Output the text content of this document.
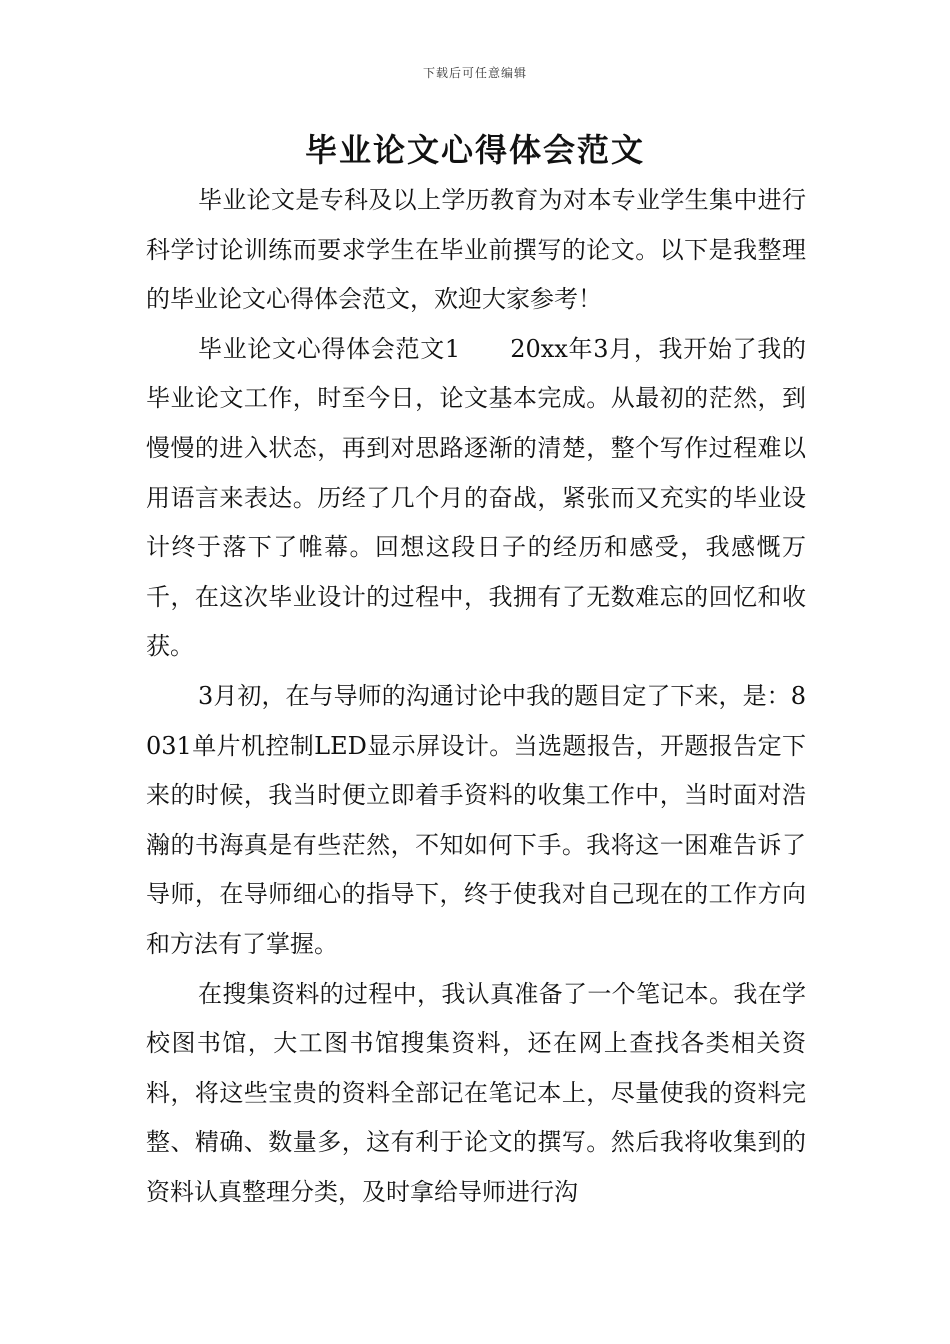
下载后可任意编辑
毕业论文心得体会范文

毕业论文是专科及以上学历教育为对本专业学生集中进行科学讨论训练而要求学生在毕业前撰写的论文。以下是我整理的毕业论文心得体会范文，欢迎大家参考！

毕业论文心得体会范文1　　20xx年3月，我开始了我的毕业论文工作，时至今日，论文基本完成。从最初的茫然，到慢慢的进入状态，再到对思路逐渐的清楚，整个写作过程难以用语言来表达。历经了几个月的奋战，紧张而又充实的毕业设计终于落下了帷幕。回想这段日子的经历和感受，我感慨万千，在这次毕业设计的过程中，我拥有了无数难忘的回忆和收获。

3月初，在与导师的沟通讨论中我的题目定了下来，是：8031单片机控制LED显示屏设计。当选题报告，开题报告定下来的时候，我当时便立即着手资料的收集工作中，当时面对浩瀚的书海真是有些茫然，不知如何下手。我将这一困难告诉了导师，在导师细心的指导下，终于使我对自己现在的工作方向和方法有了掌握。

在搜集资料的过程中，我认真准备了一个笔记本。我在学校图书馆，大工图书馆搜集资料，还在网上查找各类相关资料，将这些宝贵的资料全部记在笔记本上，尽量使我的资料完整、精确、数量多，这有利于论文的撰写。然后我将收集到的资料认真整理分类，及时拿给导师进行沟
